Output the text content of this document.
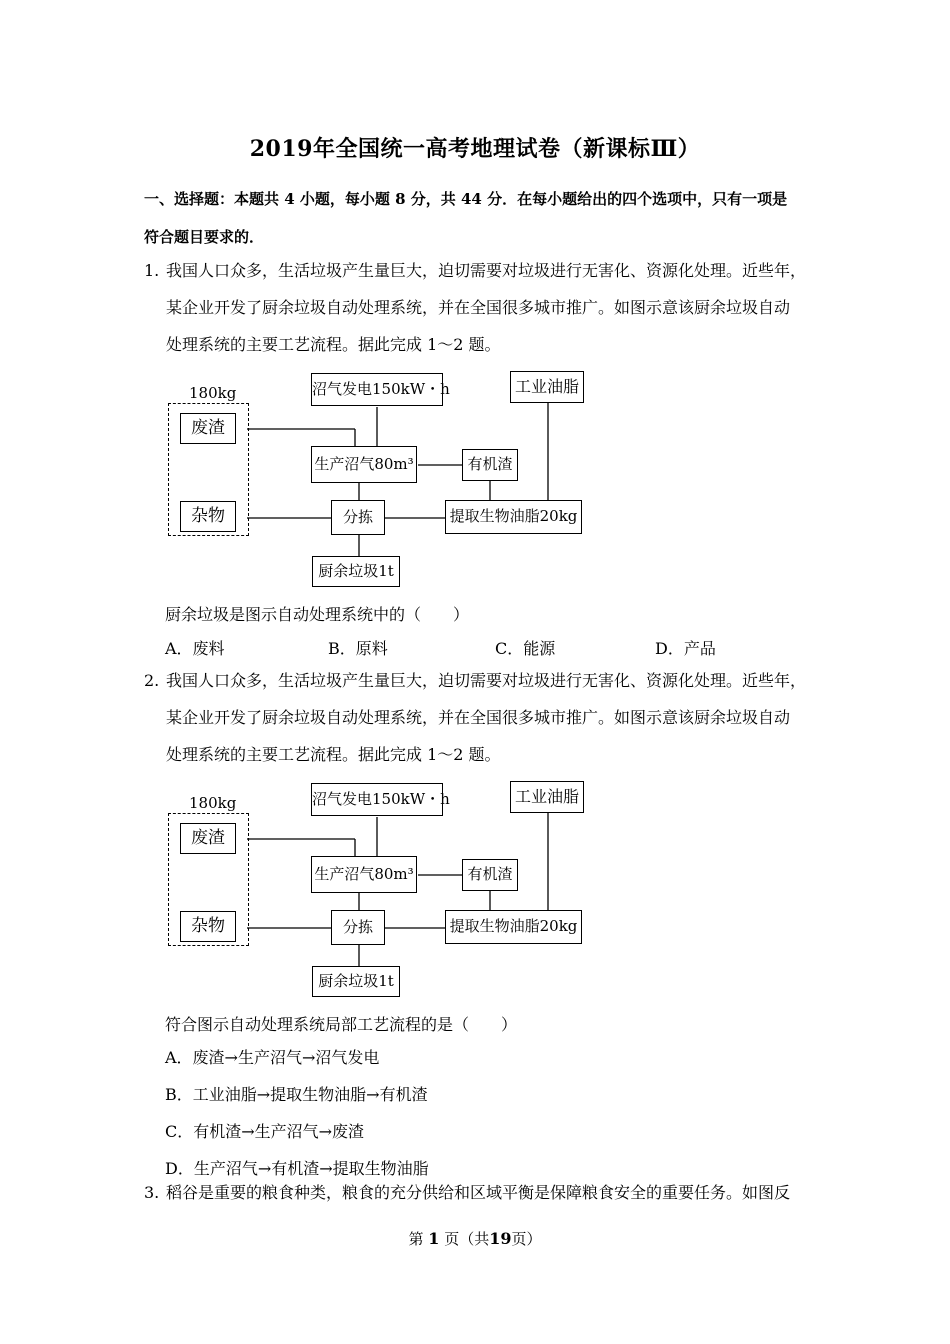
2019年全国统一高考地理试卷（新课标Ⅲ）
一、选择题：本题共 4 小题，每小题 8 分，共 44 分．在每小题给出的四个选项中，只有一项是
符合题目要求的．
1. 我国人口众多，生活垃圾产生量巨大，迫切需要对垃圾进行无害化、资源化处理。近些年，
某企业开发了厨余垃圾自动处理系统，并在全国很多城市推广。如图示意该厨余垃圾自动
处理系统的主要工艺流程。据此完成 1～2 题。
180kg
废渣
杂物
沼气发电150kW・h	工业油脂
生产沼气80m³	有机渣
分拣	提取生物油脂20kg
厨余垃圾1t
厨余垃圾是图示自动处理系统中的（　　）
A．废料	B．原料	C．能源	D．产品
2. 我国人口众多，生活垃圾产生量巨大，迫切需要对垃圾进行无害化、资源化处理。近些年，
某企业开发了厨余垃圾自动处理系统，并在全国很多城市推广。如图示意该厨余垃圾自动
处理系统的主要工艺流程。据此完成 1～2 题。
180kg
废渣
杂物
沼气发电150kW・h	工业油脂
生产沼气80m³	有机渣
分拣	提取生物油脂20kg
厨余垃圾1t
符合图示自动处理系统局部工艺流程的是（　　）
A．废渣→生产沼气→沼气发电
B．工业油脂→提取生物油脂→有机渣
C．有机渣→生产沼气→废渣
D．生产沼气→有机渣→提取生物油脂
3. 稻谷是重要的粮食种类，粮食的充分供给和区域平衡是保障粮食安全的重要任务。如图反
第 1 页（共19页）
